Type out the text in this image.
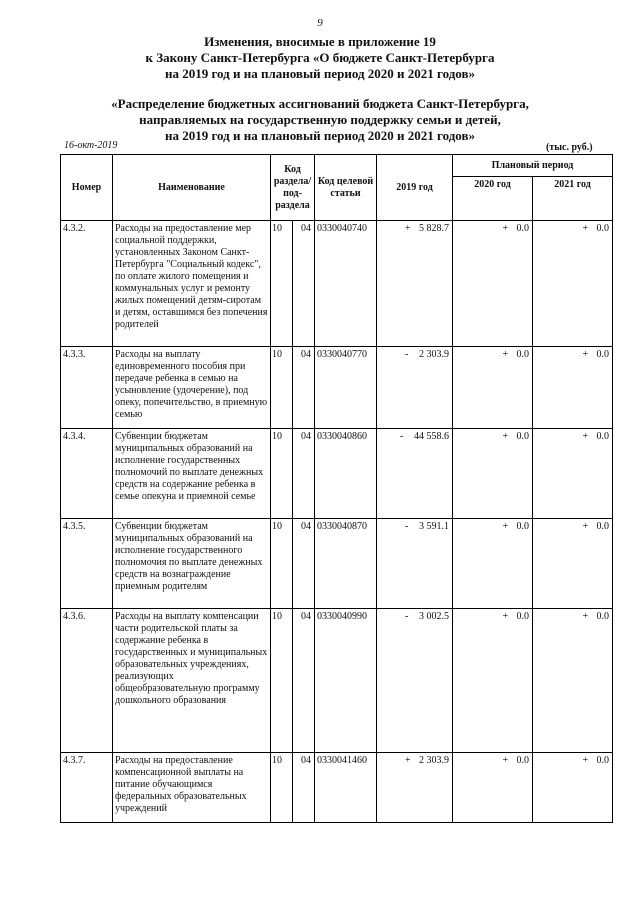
9
Изменения, вносимые в приложение 19
к Закону Санкт-Петербурга «О бюджете Санкт-Петербурга
на 2019 год и на плановый период 2020 и 2021 годов»
«Распределение бюджетных ассигнований бюджета Санкт-Петербурга,
направляемых на государственную поддержку семьи и детей,
на 2019 год и на плановый период 2020 и 2021 годов»
16-окт-2019	(тыс. руб.)
Номер	Наименование	Код раздела/ под-раздела		Код целевой статьи	2019 год	Плановый период	
						2020 год	2021 год
4.3.2.	Расходы на предоставление мер социальной поддержки, установленных Законом Санкт-Петербурга "Социальный кодекс", по оплате жилого помещения и коммунальных услуг и ремонту жилых помещений детям-сиротам и детям, оставшимся без попечения родителей	10	04	0330040740	+ 5 828.7	+ 0.0	+ 0.0
4.3.3.	Расходы на выплату единовременного пособия при передаче ребенка в семью на усыновление (удочерение), под опеку, попечительство, в приемную семью	10	04	0330040770	- 2 303.9	+ 0.0	+ 0.0
4.3.4.	Субвенции бюджетам муниципальных образований на исполнение государственных полномочий по выплате денежных средств на содержание ребенка в семье опекуна и приемной семье	10	04	0330040860	- 44 558.6	+ 0.0	+ 0.0
4.3.5.	Субвенции бюджетам муниципальных образований на исполнение государственного полномочия по выплате денежных средств на вознаграждение приемным родителям	10	04	0330040870	- 3 591.1	+ 0.0	+ 0.0
4.3.6.	Расходы на выплату компенсации части родительской платы за содержание ребенка в государственных и муниципальных образовательных учреждениях, реализующих общеобразовательную программу дошкольного образования	10	04	0330040990	- 3 002.5	+ 0.0	+ 0.0
4.3.7.	Расходы на предоставление компенсационной выплаты на питание обучающимся федеральных образовательных учреждений	10	04	0330041460	+ 2 303.9	+ 0.0	+ 0.0
